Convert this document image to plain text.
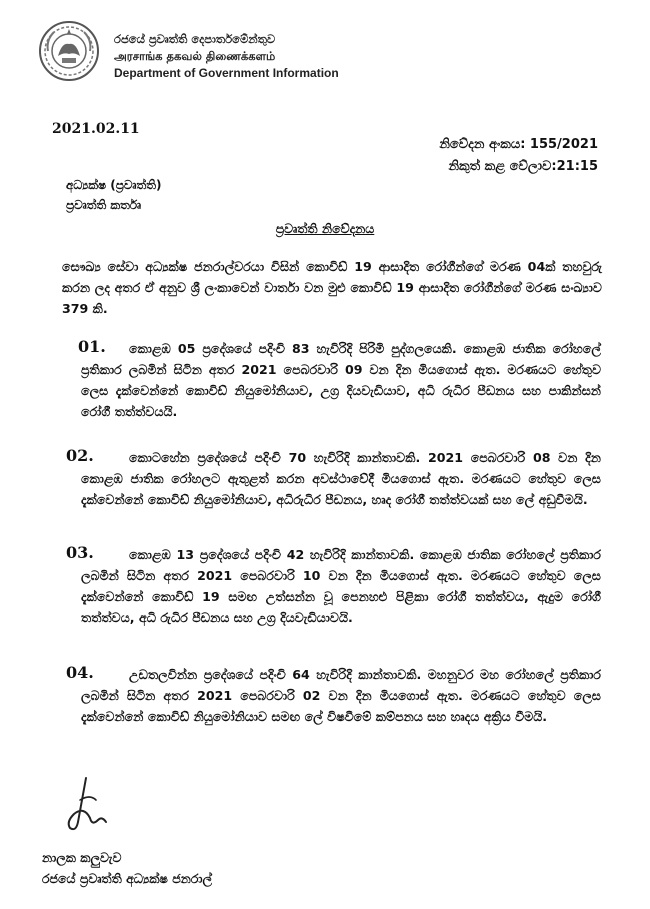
රජයේ ප්‍රවෘත්ති දෙපාර්තමේන්තුව
அரசாங்க தகவல் திணைக்களம்
Department of Government Information
2021.02.11
නිවේදන අංකය: 155/2021
නිකුත් කළ වේලාව:21:15
අධ්‍යක්ෂ (ප්‍රවෘත්ති)
ප්‍රවෘත්ති කර්තෘ
ප්‍රවෘත්ති නිවේදනය
සෞඛ්‍ය සේවා අධ්‍යක්ෂ ජනරාල්වරයා විසින් කොවිඩ් 19 ආසාදිත රෝගීන්ගේ මරණ 04ක් තහවුරු කරන ලද අතර ඒ අනුව ශ්‍රී ලංකාවෙන් වාර්තා වන මුළු කොවිඩ් 19 ආසාදිත රෝගීන්ගේ මරණ සංඛ්‍යාව 379 කි.
01.	කොළඹ 05 ප්‍රදේශයේ පදිංචි 83 හැවිරිදි පිරිමි පුද්ගලයෙකි. කොළඹ ජාතික රෝහලේ ප්‍රතිකාර ලබමින් සිටින අතර 2021 පෙබරවාරි 09 වන දින මියගොස් ඇත. මරණයට හේතුව ලෙස දැක්වෙන්නේ කොවිඩ් නියුමෝනියාව, උග්‍ර දියවැඩියාව, අධි රුධිර පීඩනය සහ පාකින්සන් රෝගී තත්ත්වයයි.
02.	කොටහේන ප්‍රදේශයේ පදිංචි 70 හැවිරිදි කාන්තාවකි. 2021 පෙබරවාරි 08 වන දින කොළඹ ජාතික රෝහලට ඇතුළත් කරන අවස්ථාවේදී මියගොස් ඇත. මරණයට හේතුව ලෙස දැක්වෙන්නේ කොවිඩ් නියුමෝනියාව, අධිරුධිර පීඩනය, හෘද රෝගී තත්ත්වයක් සහ ලේ අඩුවීමයි.
03.	කොළඹ 13 ප්‍රදේශයේ පදිංචි 42 හැවිරිදි කාන්තාවකි. කොළඹ ජාතික රෝහලේ ප්‍රතිකාර ලබමින් සිටින අතර 2021 පෙබරවාරි 10 වන දින මියගොස් ඇත. මරණයට හේතුව ලෙස දැක්වෙන්නේ කොවිඩ් 19 සමඟ උත්සන්න වූ පෙනහළු පිළිකා රෝගී තත්ත්වය, ඇදුම රෝගී තත්ත්වය, අධි රුධිර පීඩනය සහ උග්‍ර දියවැඩියාවයි.
04.	උඩතලවින්න ප්‍රදේශයේ පදිංචි 64 හැවිරිදි කාන්තාවකි. මහනුවර මහ රෝහලේ ප්‍රතිකාර ලබමින් සිටින අතර 2021 පෙබරවාරි 02 වන දින මියගොස් ඇත. මරණයට හේතුව ලෙස දැක්වෙන්නේ කොවිඩ් නියුමෝනියාව සමඟ ලේ විෂවීමේ කම්පනය සහ හෘදය අක්‍රිය වීමයි.
නාලක කලුවැව
රජයේ ප්‍රවෘත්ති අධ්‍යක්ෂ ජනරාල්
